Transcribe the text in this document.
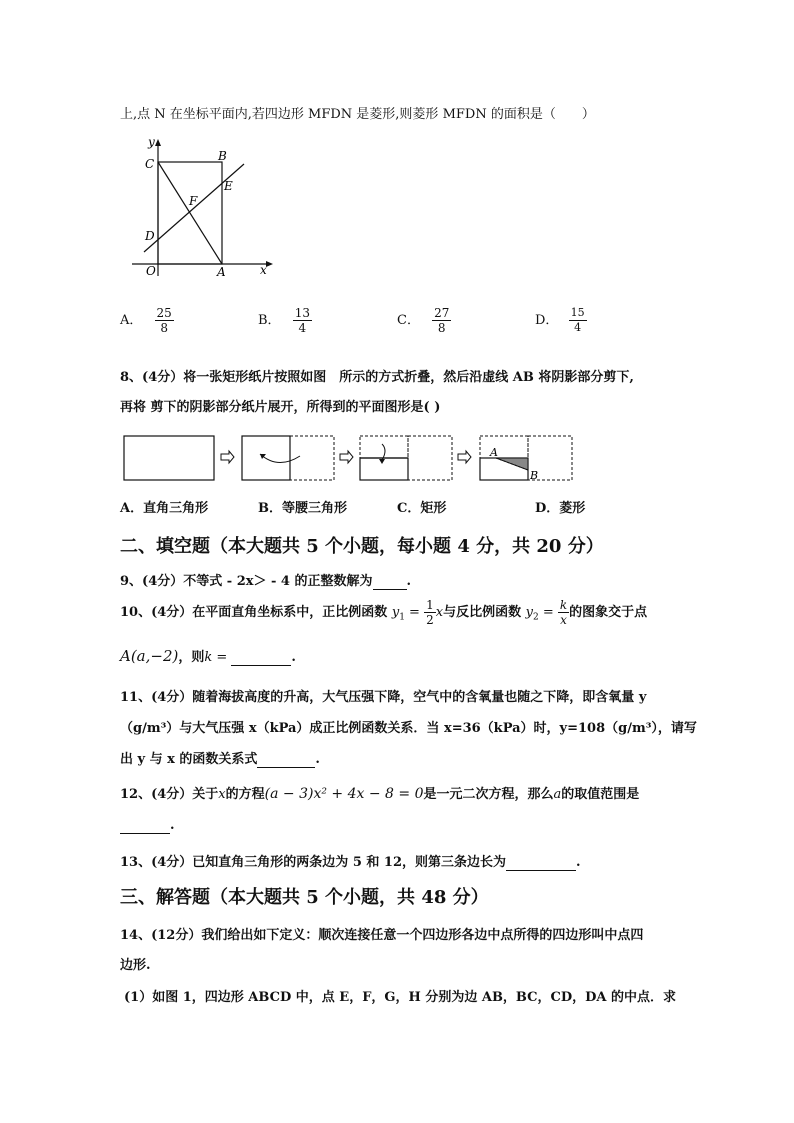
上,点 N 在坐标平面内,若四边形 MFDN 是菱形,则菱形 MFDN 的面积是（　　）
y
x
C
B
E
F
D
O	A
A． $\frac{25}{8}$	B． $\frac{13}{4}$	C． $\frac{27}{8}$	D． $\frac{15}{4}$
8、(4分）将一张矩形纸片按照如图　所示的方式折叠，然后沿虚线 AB 将阴影部分剪下,
再将 剪下的阴影部分纸片展开，所得到的平面图形是( )
A
B
A．直角三角形	B．等腰三角形	C．矩形	D．菱形
二、填空题（本大题共 5 个小题，每小题 4 分，共 20 分）
9、(4分）不等式 - 2x＞ - 4 的正整数解为	.
10、(4分）在平面直角坐标系中，正比例函数 $y_1 = \frac{1}{2}$ x与反比例函数 $y_2 = \frac{k}{x}$ 的图象交于点
A(a,−2)，则k =	.
11、(4分）随着海拔高度的升高，大气压强下降，空气中的含氧量也随之下降，即含氧量 y
（g/m³）与大气压强 x（kPa）成正比例函数关系．当 x=36（kPa）时，y=108（g/m³），请写
出 y 与 x 的函数关系式	.
12、(4分）关于x的方程(a − 3)x² + 4x − 8 = 0是一元二次方程，那么a的取值范围是
.
13、(4分）已知直角三角形的两条边为 5 和 12，则第三条边长为	.
三、解答题（本大题共 5 个小题，共 48 分）
14、(12分）我们给出如下定义：顺次连接任意一个四边形各边中点所得的四边形叫中点四
边形.
(1）如图 1，四边形 ABCD 中，点 E，F，G，H 分别为边 AB，BC，CD，DA 的中点．求
